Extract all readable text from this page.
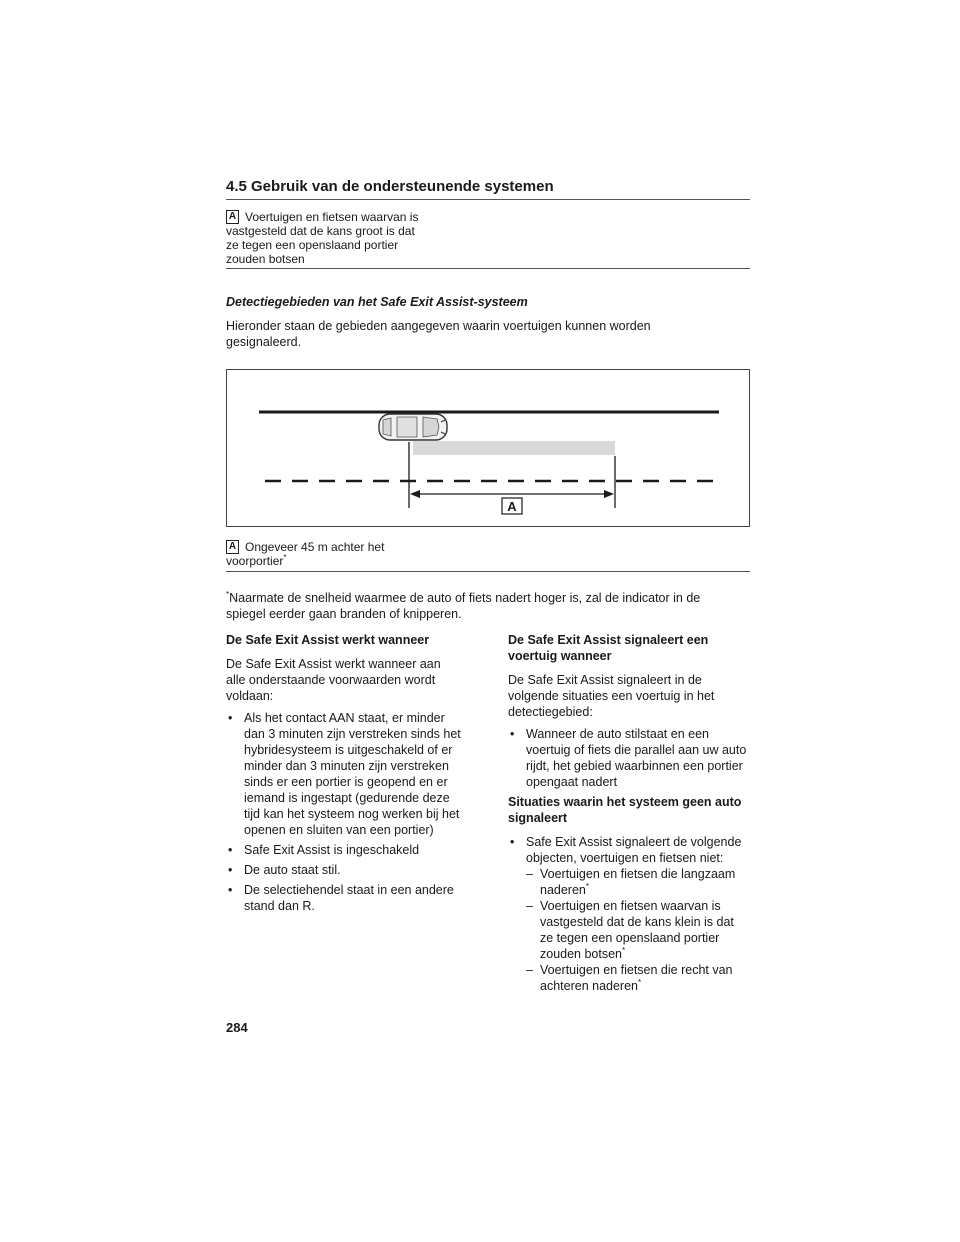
4.5 Gebruik van de ondersteunende systemen
A Voertuigen en fietsen waarvan is

vastgesteld dat de kans groot is dat
ze tegen een openslaand portier
zouden botsen
Detectiegebieden van het Safe Exit Assist-systeem
Hieronder staan de gebieden aangegeven waarin voertuigen kunnen worden
gesignaleerd.
A
A Ongeveer 45 m achter het
voorportier*
*Naarmate de snelheid waarmee de auto of fiets nadert hoger is, zal de indicator in de
spiegel eerder gaan branden of knipperen.
De Safe Exit Assist werkt wanneer
De Safe Exit Assist werkt wanneer aan alle onderstaande voorwaarden wordt voldaan:
• Als het contact AAN staat, er minder dan 3 minuten zijn verstreken sinds het hybridesysteem is uitgeschakeld of er minder dan 3 minuten zijn verstreken sinds er een portier is geopend en er iemand is ingestapt (gedurende deze tijd kan het systeem nog werken bij het openen en sluiten van een portier)
• Safe Exit Assist is ingeschakeld
• De auto staat stil.
• De selectiehendel staat in een andere stand dan R.
De Safe Exit Assist signaleert een voertuig wanneer
De Safe Exit Assist signaleert in de volgende situaties een voertuig in het detectiegebied:
• Wanneer de auto stilstaat en een voertuig of fiets die parallel aan uw auto rijdt, het gebied waarbinnen een portier opengaat nadert
Situaties waarin het systeem geen auto signaleert
• Safe Exit Assist signaleert de volgende objecten, voertuigen en fietsen niet:
– Voertuigen en fietsen die langzaam naderen*
– Voertuigen en fietsen waarvan is vastgesteld dat de kans klein is dat ze tegen een openslaand portier zouden botsen*
– Voertuigen en fietsen die recht van achteren naderen*
284
